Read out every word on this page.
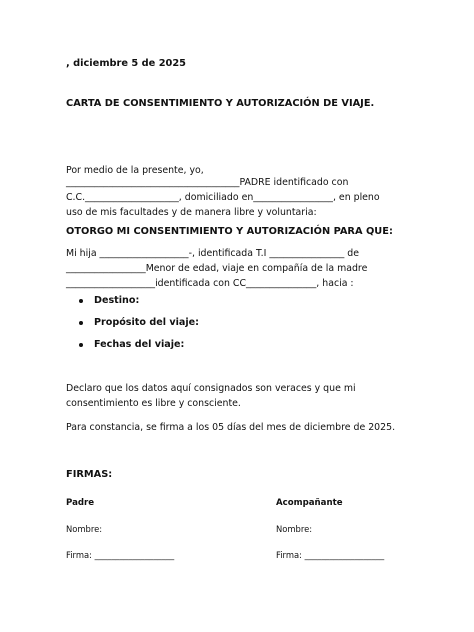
, diciembre 5 de 2025
CARTA DE CONSENTIMIENTO Y AUTORIZACIÓN DE VIAJE.
Por medio de la presente, yo,
_____________________________________PADRE identificado con
C.C.____________________, domiciliado en_________________, en pleno
uso de mis facultades y de manera libre y voluntaria:
OTORGO MI CONSENTIMIENTO Y AUTORIZACIÓN PARA QUE:
Mi hija ___________________-, identificada T.I ________________ de
_________________Menor de edad, viaje en compañía de la madre
___________________identificada con CC_______________, hacia :
Destino:
Propósito del viaje:
Fechas del viaje:
Declaro que los datos aquí consignados son veraces y que mi
consentimiento es libre y consciente.
Para constancia, se firma a los 05 días del mes de diciembre de 2025.
FIRMAS:
Padre
Nombre:
Firma: ___________________
Acompañante
Nombre:
Firma: ___________________
